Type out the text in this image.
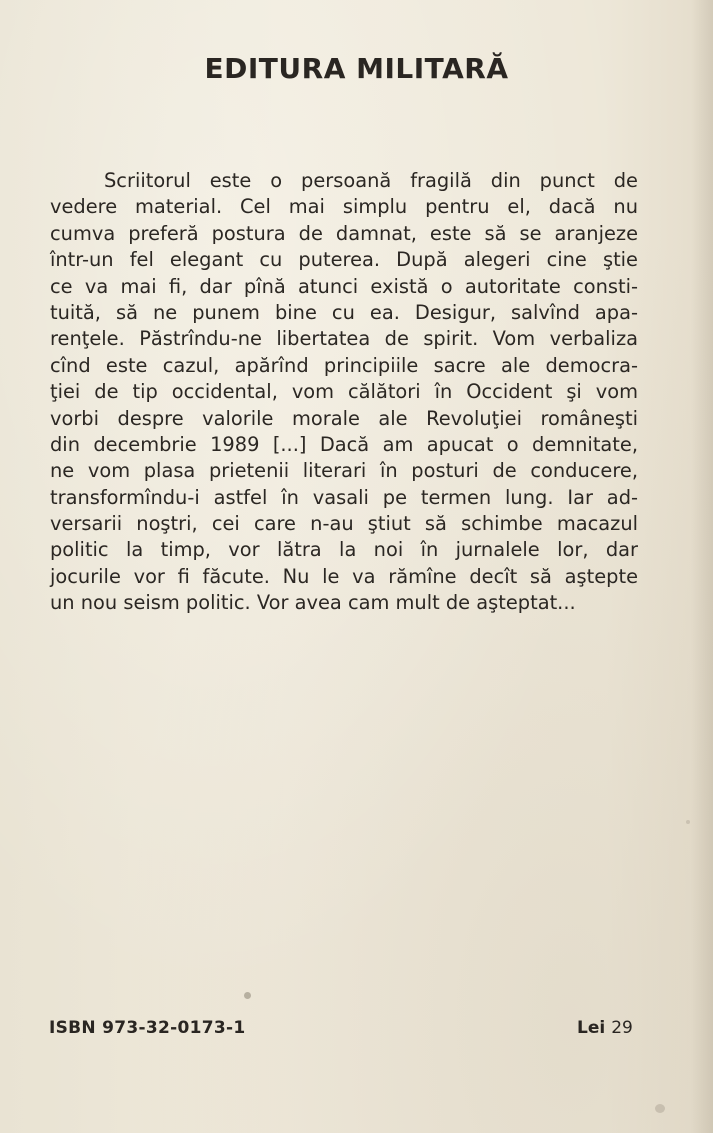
EDITURA MILITARĂ
Scriitorul este o persoană fragilă din punct de
vedere material. Cel mai simplu pentru el, dacă nu
cumva preferă postura de damnat, este să se aranjeze
într-un fel elegant cu puterea. După alegeri cine ştie
ce va mai fi, dar pînă atunci există o autoritate consti-
tuită, să ne punem bine cu ea. Desigur, salvînd apa-
renţele. Păstrîndu-ne libertatea de spirit. Vom verbaliza
cînd este cazul, apărînd principiile sacre ale democra-
ţiei de tip occidental, vom călători în Occident şi vom
vorbi despre valorile morale ale Revoluţiei româneşti
din decembrie 1989 [...] Dacă am apucat o demnitate,
ne vom plasa prietenii literari în posturi de conducere,
transformîndu-i astfel în vasali pe termen lung. Iar ad-
versarii noştri, cei care n-au ştiut să schimbe macazul
politic la timp, vor lătra la noi în jurnalele lor, dar
jocurile vor fi făcute. Nu le va rămîne decît să aştepte
un nou seism politic. Vor avea cam mult de aşteptat...
ISBN 973-32-0173-1	Lei 29
